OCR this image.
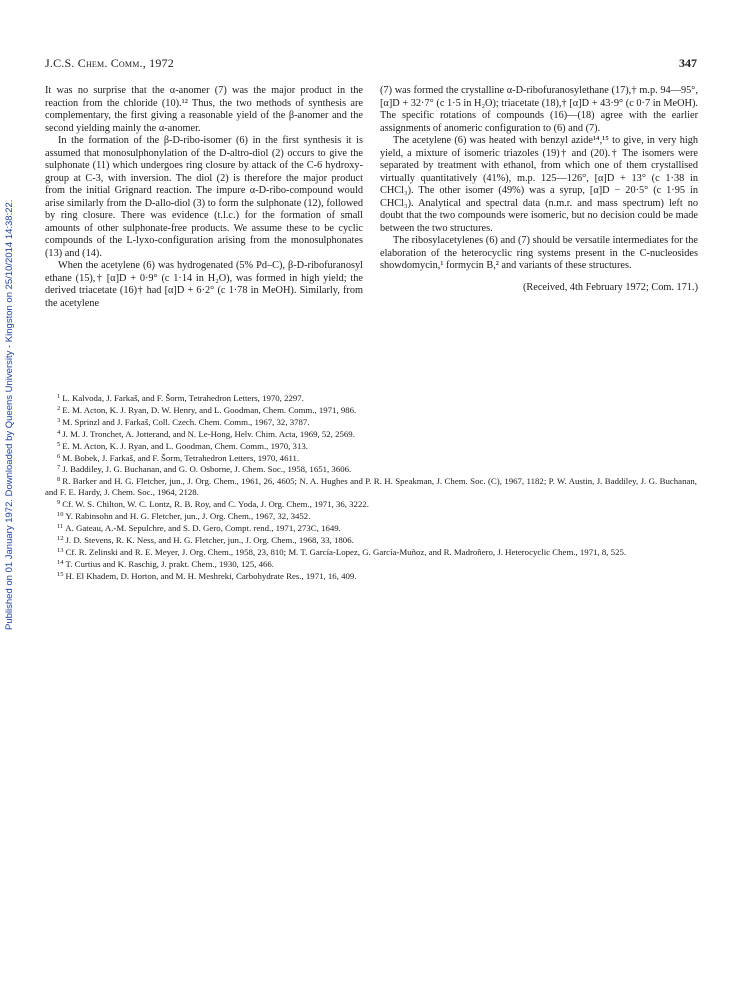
Published on 01 January 1972. Downloaded by Queens University - Kingston on 25/10/2014 14:38:22.
J.C.S. Chem. Comm., 1972	347

It was no surprise that the α-anomer (7) was the major product in the reaction from the chloride (10).¹² Thus, the two methods of synthesis are complementary, the first giving a reasonable yield of the β-anomer and the second yielding mainly the α-anomer.

In the formation of the β-D-ribo-isomer (6) in the first synthesis it is assumed that monosulphonylation of the D-altro-diol (2) occurs to give the sulphonate (11) which undergoes ring closure by attack of the C-6 hydroxy-group at C-3, with inversion. The diol (2) is therefore the major product from the initial Grignard reaction. The impure α-D-ribo-compound would arise similarly from the D-allo-diol (3) to form the sulphonate (12), followed by ring closure. There was evidence (t.l.c.) for the formation of small amounts of other sulphonate-free products. We assume these to be cyclic compounds of the L-lyxo-configuration arising from the monosulphonates (13) and (14).

When the acetylene (6) was hydrogenated (5% Pd–C), β-D-ribofuranosyl ethane (15),† [α]D + 0·9° (c 1·14 in H₂O), was formed in high yield; the derived triacetate (16)† had [α]D + 6·2° (c 1·78 in MeOH). Similarly, from the acetylene

(7) was formed the crystalline α-D-ribofuranosylethane (17),† m.p. 94—95°, [α]D + 32·7° (c 1·5 in H₂O); triacetate (18),† [α]D + 43·9° (c 0·7 in MeOH). The specific rotations of compounds (16)—(18) agree with the earlier assignments of anomeric configuration to (6) and (7).

The acetylene (6) was heated with benzyl azide¹⁴,¹⁵ to give, in very high yield, a mixture of isomeric triazoles (19)† and (20).† The isomers were separated by treatment with ethanol, from which one of them crystallised virtually quantitatively (41%), m.p. 125—126°, [α]D + 13° (c 1·38 in CHCl₃). The other isomer (49%) was a syrup, [α]D − 20·5° (c 1·95 in CHCl₃). Analytical and spectral data (n.m.r. and mass spectrum) left no doubt that the two compounds were isomeric, but no decision could be made between the two structures.

The ribosylacetylenes (6) and (7) should be versatile intermediates for the elaboration of the heterocyclic ring systems present in the C-nucleosides showdomycin,¹ formycin B,² and variants of these structures.

(Received, 4th February 1972; Com. 171.)

$^1$ L. Kalvoda, J. Farkaš, and F. Šorm, Tetrahedron Letters, 1970, 2297.
$^2$ E. M. Acton, K. J. Ryan, D. W. Henry, and L. Goodman, Chem. Comm., 1971, 986.
$^3$ M. Sprinzl and J. Farkaš, Coll. Czech. Chem. Comm., 1967, 32, 3787.
$^4$ J. M. J. Tronchet, A. Jotterand, and N. Le-Hong, Helv. Chim. Acta, 1969, 52, 2569.
$^5$ E. M. Acton, K. J. Ryan, and L. Goodman, Chem. Comm., 1970, 313.
$^6$ M. Bobek, J. Farkaš, and F. Šorm, Tetrahedron Letters, 1970, 4611.
$^7$ J. Baddiley, J. G. Buchanan, and G. O. Osborne, J. Chem. Soc., 1958, 1651, 3606.
$^8$ R. Barker and H. G. Fletcher, jun., J. Org. Chem., 1961, 26, 4605; N. A. Hughes and P. R. H. Speakman, J. Chem. Soc. (C), 1967, 1182; P. W. Austin, J. Baddiley, J. G. Buchanan, and F. E. Hardy, J. Chem. Soc., 1964, 2128.
$^9$ Cf. W. S. Chilton, W. C. Lontz, R. B. Roy, and C. Yoda, J. Org. Chem., 1971, 36, 3222.
$^{10}$ Y. Rabinsohn and H. G. Fletcher, jun., J. Org. Chem., 1967, 32, 3452.
$^{11}$ A. Gateau, A.-M. Sepulchre, and S. D. Gero, Compt. rend., 1971, 273C, 1649.
$^{12}$ J. D. Stevens, R. K. Ness, and H. G. Fletcher, jun., J. Org. Chem., 1968, 33, 1806.
$^{13}$ Cf. R. Zelinski and R. E. Meyer, J. Org. Chem., 1958, 23, 810; M. T. García-Lopez, G. García-Muñoz, and R. Madroñero, J. Heterocyclic Chem., 1971, 8, 525.
$^{14}$ T. Curtius and K. Raschig, J. prakt. Chem., 1930, 125, 466.
$^{15}$ H. El Khadem, D. Horton, and M. H. Meshreki, Carbohydrate Res., 1971, 16, 409.
